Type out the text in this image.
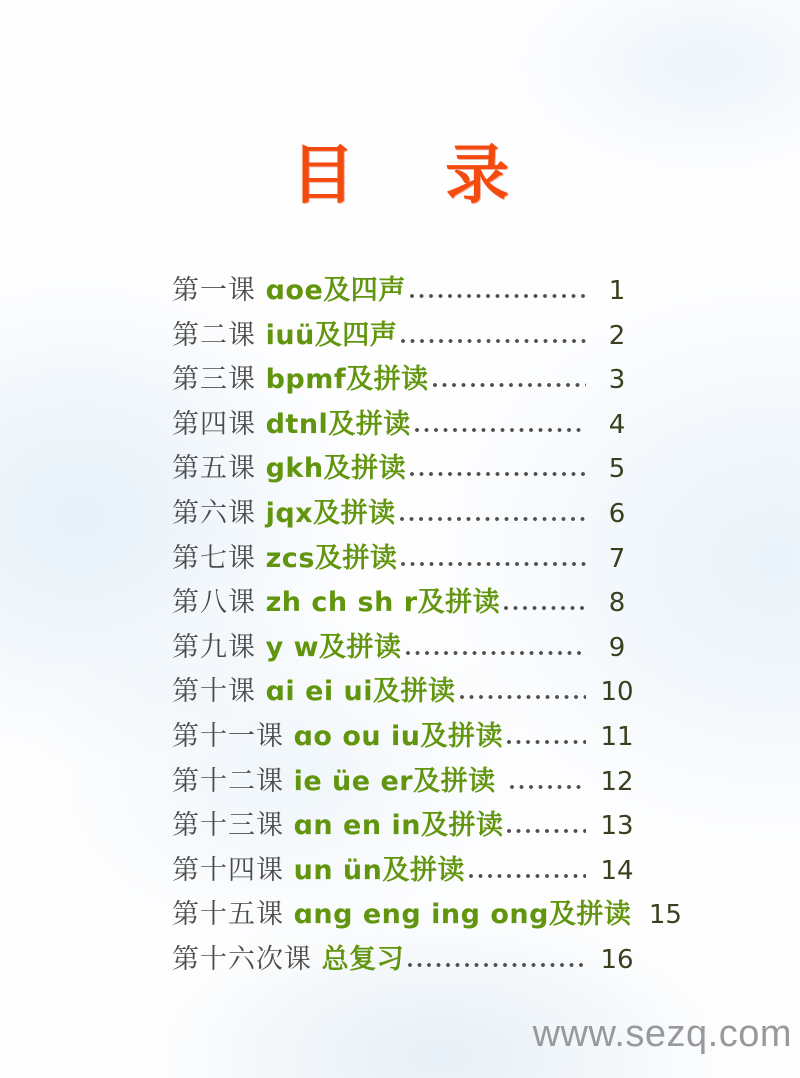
目 录
第一课 ɑoe及四声	1
第二课 iuü及四声	2
第三课 bpmf及拼读	3
第四课 dtnl及拼读	4
第五课 gkh及拼读	5
第六课 jqx及拼读	6
第七课 zcs及拼读	7
第八课 zh ch sh r及拼读	8
第九课 y w及拼读	9
第十课 ɑi ei ui及拼读	10
第十一课 ɑo ou iu及拼读	11
第十二课 ie üe er及拼读	12
第十三课 ɑn en in及拼读	13
第十四课 un ün及拼读	14
第十五课 ɑng eng ing ong及拼读 15
第十六次课 总复习	16
www.sezq.com
